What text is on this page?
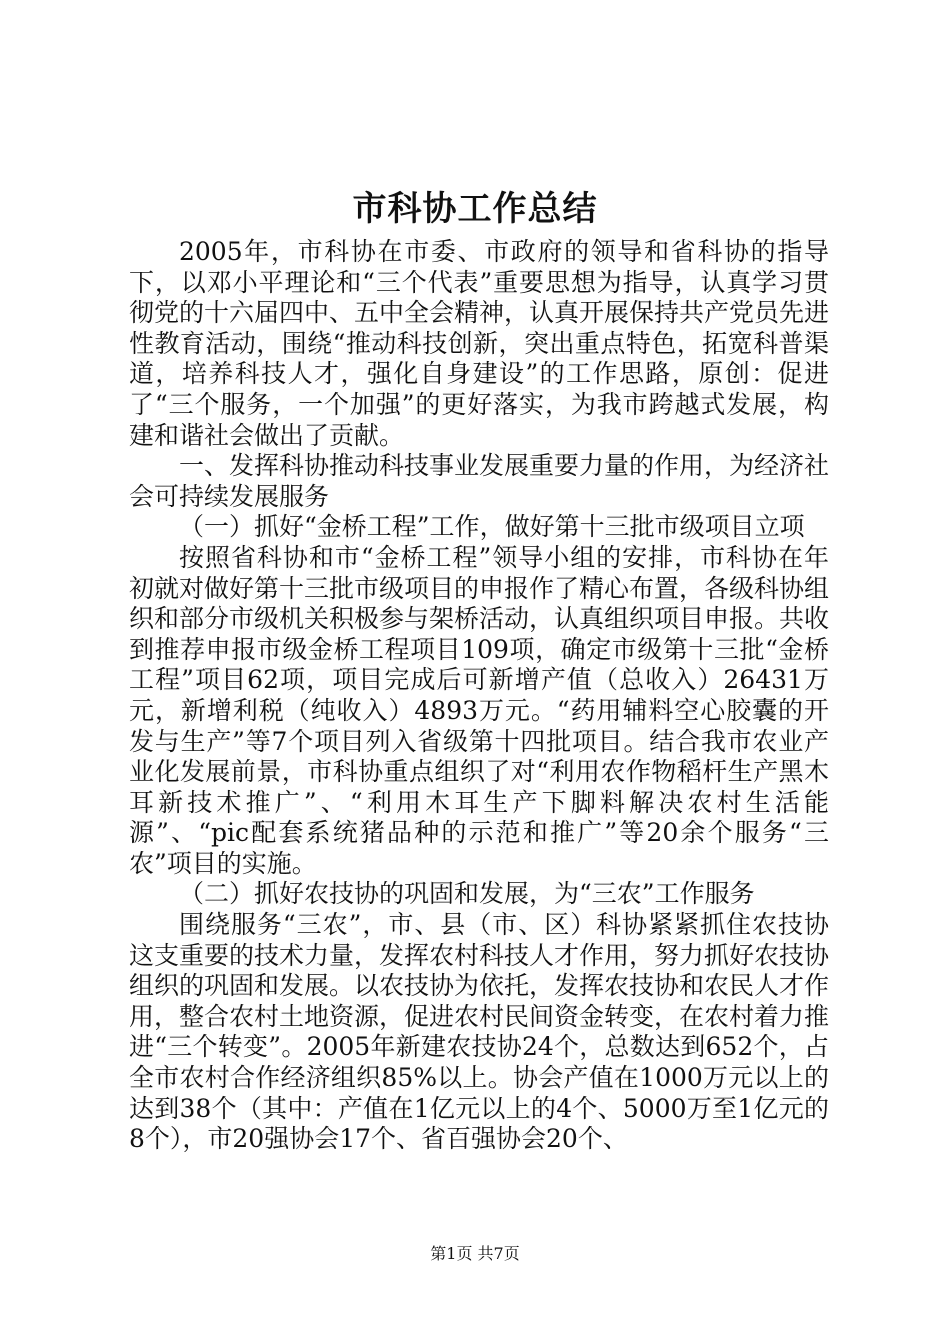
市科协工作总结

2005年，市科协在市委、市政府的领导和省科协的指导下，以邓小平理论和“三个代表”重要思想为指导，认真学习贯彻党的十六届四中、五中全会精神，认真开展保持共产党员先进性教育活动，围绕“推动科技创新，突出重点特色，拓宽科普渠道，培养科技人才，强化自身建设”的工作思路，原创：促进了“三个服务，一个加强”的更好落实，为我市跨越式发展，构建和谐社会做出了贡献。

一、发挥科协推动科技事业发展重要力量的作用，为经济社会可持续发展服务

（一）抓好“金桥工程”工作，做好第十三批市级项目立项

按照省科协和市“金桥工程”领导小组的安排，市科协在年初就对做好第十三批市级项目的申报作了精心布置，各级科协组织和部分市级机关积极参与架桥活动，认真组织项目申报。共收到推荐申报市级金桥工程项目109项，确定市级第十三批“金桥工程”项目62项，项目完成后可新增产值（总收入）26431万元，新增利税（纯收入）4893万元。“药用辅料空心胶囊的开发与生产”等7个项目列入省级第十四批项目。结合我市农业产业化发展前景，市科协重点组织了对“利用农作物稻杆生产黑木耳新技术推广”、“利用木耳生产下脚料解决农村生活能源”、“pic配套系统猪品种的示范和推广”等20余个服务“三农”项目的实施。

（二）抓好农技协的巩固和发展，为“三农”工作服务

围绕服务“三农”，市、县（市、区）科协紧紧抓住农技协这支重要的技术力量，发挥农村科技人才作用，努力抓好农技协组织的巩固和发展。以农技协为依托，发挥农技协和农民人才作用，整合农村土地资源，促进农村民间资金转变，在农村着力推进“三个转变”。2005年新建农技协24个，总数达到652个，占全市农村合作经济组织85%以上。协会产值在1000万元以上的达到38个（其中：产值在1亿元以上的4个、5000万至1亿元的8个），市20强协会17个、省百强协会20个、

第1页 共7页
